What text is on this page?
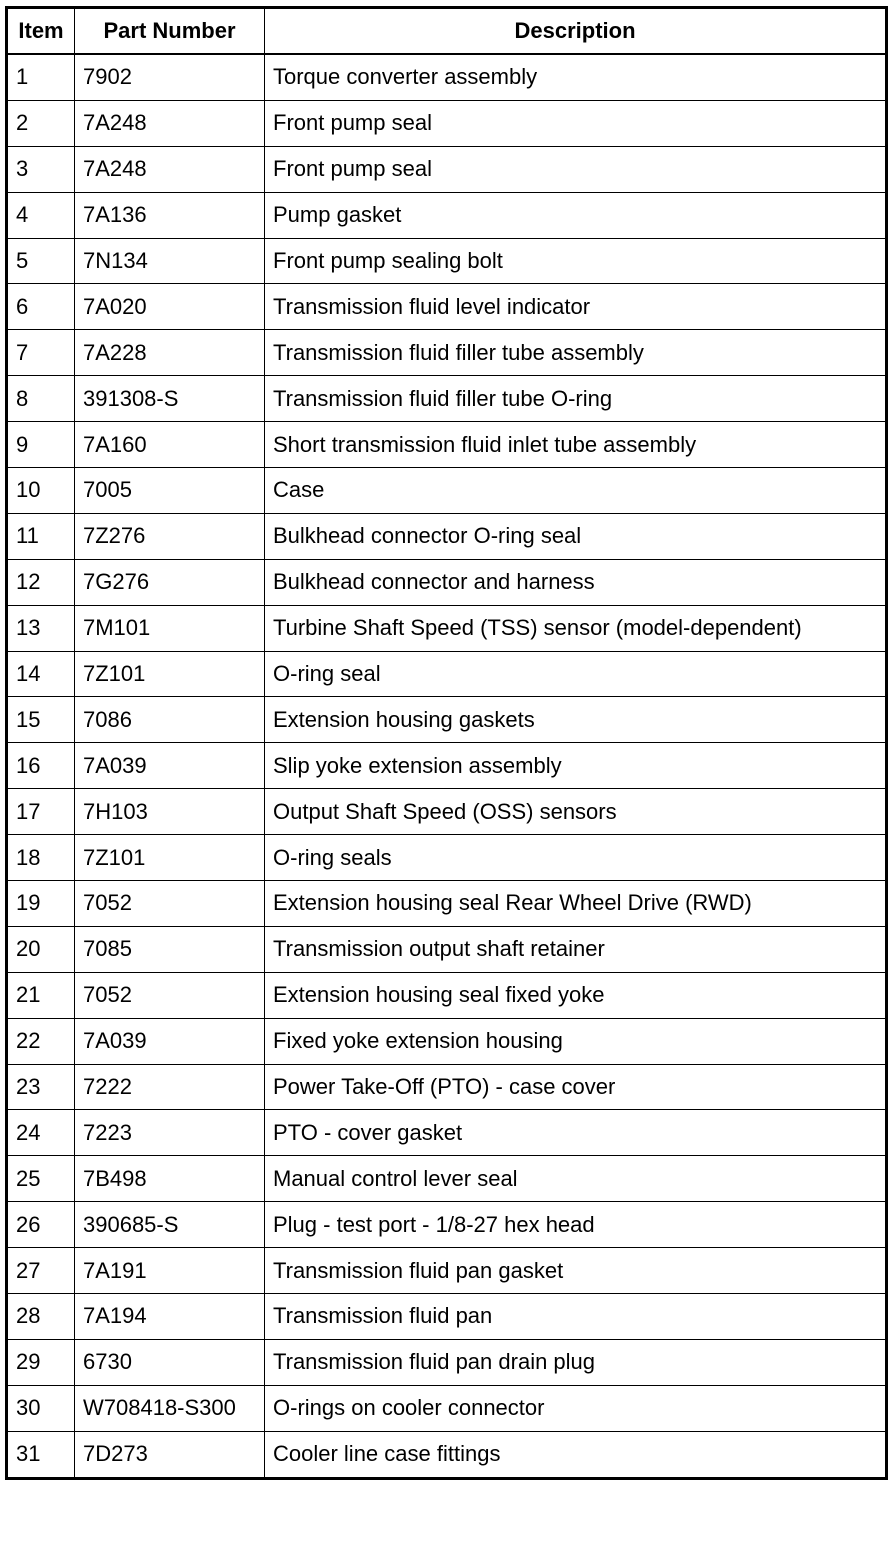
Item	Part Number	Description
1	7902	Torque converter assembly
2	7A248	Front pump seal
3	7A248	Front pump seal
4	7A136	Pump gasket
5	7N134	Front pump sealing bolt
6	7A020	Transmission fluid level indicator
7	7A228	Transmission fluid filler tube assembly
8	391308-S	Transmission fluid filler tube O-ring
9	7A160	Short transmission fluid inlet tube assembly
10	7005	Case
11	7Z276	Bulkhead connector O-ring seal
12	7G276	Bulkhead connector and harness
13	7M101	Turbine Shaft Speed (TSS) sensor (model-dependent)
14	7Z101	O-ring seal
15	7086	Extension housing gaskets
16	7A039	Slip yoke extension assembly
17	7H103	Output Shaft Speed (OSS) sensors
18	7Z101	O-ring seals
19	7052	Extension housing seal Rear Wheel Drive (RWD)
20	7085	Transmission output shaft retainer
21	7052	Extension housing seal fixed yoke
22	7A039	Fixed yoke extension housing
23	7222	Power Take-Off (PTO) - case cover
24	7223	PTO - cover gasket
25	7B498	Manual control lever seal
26	390685-S	Plug - test port - 1/8-27 hex head
27	7A191	Transmission fluid pan gasket
28	7A194	Transmission fluid pan
29	6730	Transmission fluid pan drain plug
30	W708418-S300	O-rings on cooler connector
31	7D273	Cooler line case fittings
